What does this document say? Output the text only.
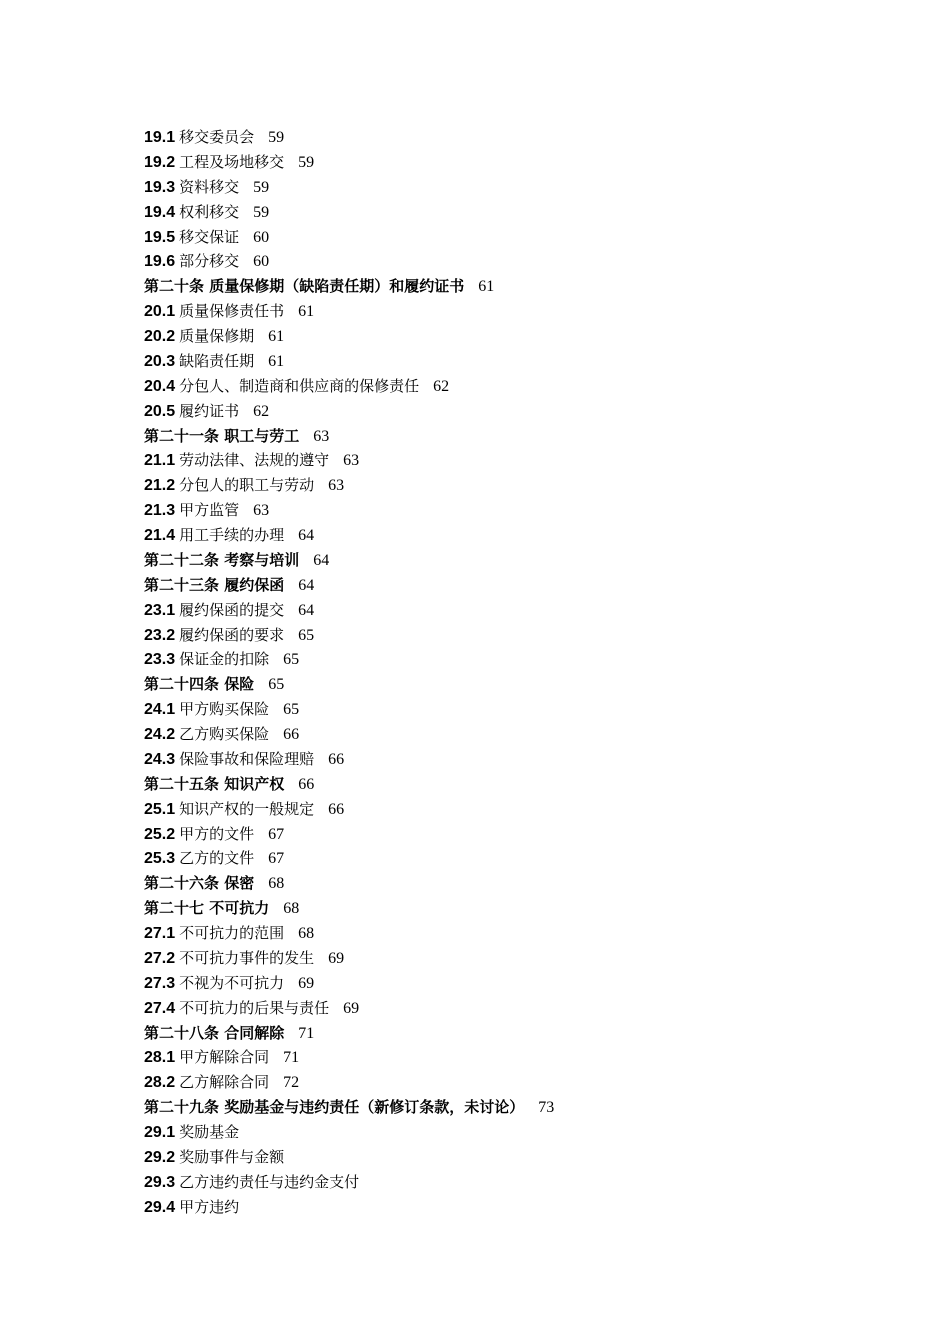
19.1 移交委员会 59
19.2 工程及场地移交 59
19.3 资料移交 59
19.4 权利移交 59
19.5 移交保证 60
19.6 部分移交 60
第二十条 质量保修期（缺陷责任期）和履约证书 61
20.1 质量保修责任书 61
20.2 质量保修期 61
20.3 缺陷责任期 61
20.4 分包人、制造商和供应商的保修责任 62
20.5 履约证书 62
第二十一条 职工与劳工 63
21.1 劳动法律、法规的遵守 63
21.2 分包人的职工与劳动 63
21.3 甲方监管 63
21.4 用工手续的办理 64
第二十二条 考察与培训 64
第二十三条 履约保函 64
23.1 履约保函的提交 64
23.2 履约保函的要求 65
23.3 保证金的扣除 65
第二十四条 保险 65
24.1 甲方购买保险 65
24.2 乙方购买保险 66
24.3 保险事故和保险理赔 66
第二十五条 知识产权 66
25.1 知识产权的一般规定 66
25.2 甲方的文件 67
25.3 乙方的文件 67
第二十六条 保密 68
第二十七 不可抗力 68
27.1 不可抗力的范围 68
27.2 不可抗力事件的发生 69
27.3 不视为不可抗力 69
27.4 不可抗力的后果与责任 69
第二十八条 合同解除 71
28.1 甲方解除合同 71
28.2 乙方解除合同 72
第二十九条 奖励基金与违约责任（新修订条款，未讨论） 73
29.1 奖励基金
29.2 奖励事件与金额
29.3 乙方违约责任与违约金支付
29.4 甲方违约
